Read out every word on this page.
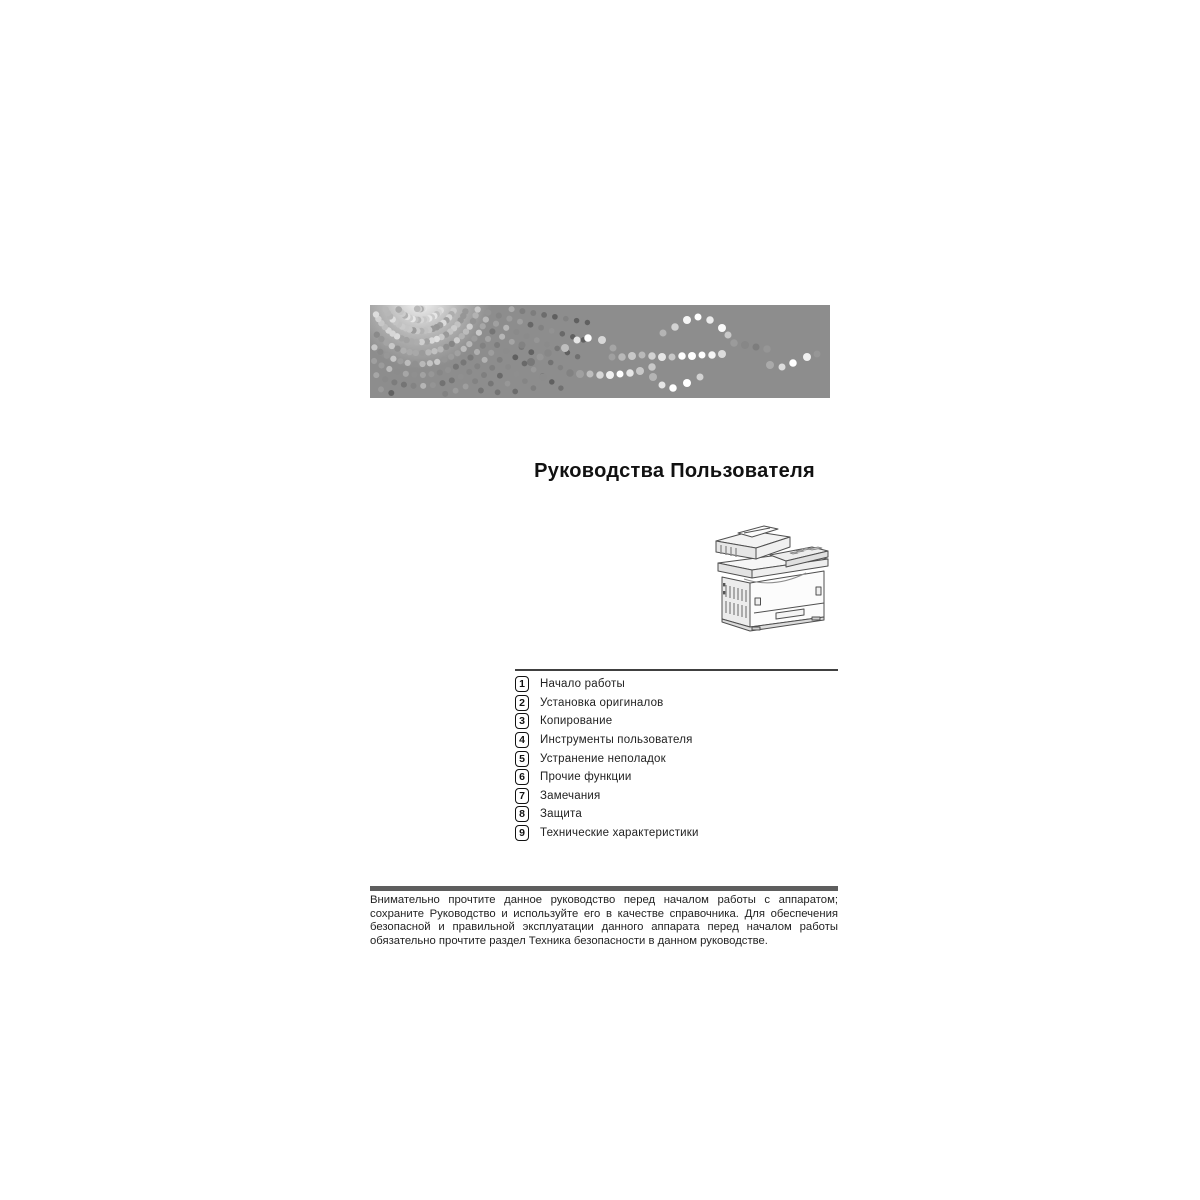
Руководства Пользователя
1	Начало работы
2	Установка оригиналов
3	Копирование
4	Инструменты пользователя
5	Устранение неполадок
6	Прочие функции
7	Замечания
8	Защита
9	Технические характеристики

Внимательно прочтите данное руководство перед началом работы с аппаратом; сохраните Руководство и используйте его в качестве справочника. Для обеспечения безопасной и правильной эксплуатации данного аппарата перед началом работы обязательно прочтите раздел Техника безопасности в данном руководстве.
